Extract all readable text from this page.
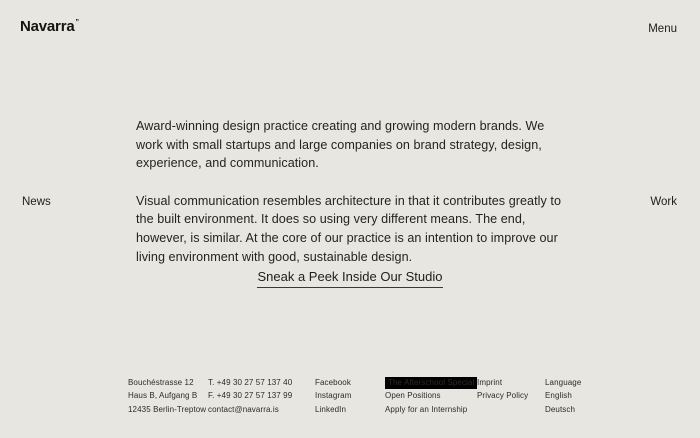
Navarra”
Menu
News	Work

Award-winning design practice creating and growing modern brands. We work with small startups and large companies on brand strategy, design, experience, and communication.

Visual communication resembles architecture in that it contributes greatly to the built environment. It does so using very different means. The end, however, is similar. At the core of our practice is an intention to improve our living environment with good, sustainable design.

Sneak a Peek Inside Our Studio
Bouchéstrasse 12
Haus B, Aufgang B
12435 Berlin-Treptow
T. +49 30 27 57 137 40
F. +49 30 27 57 137 99
contact@navarra.is
Facebook
Instagram
LinkedIn
The Afterschool Special
Open Positions
Apply for an Internship
Imprint
Privacy Policy
Language
English
Deutsch
